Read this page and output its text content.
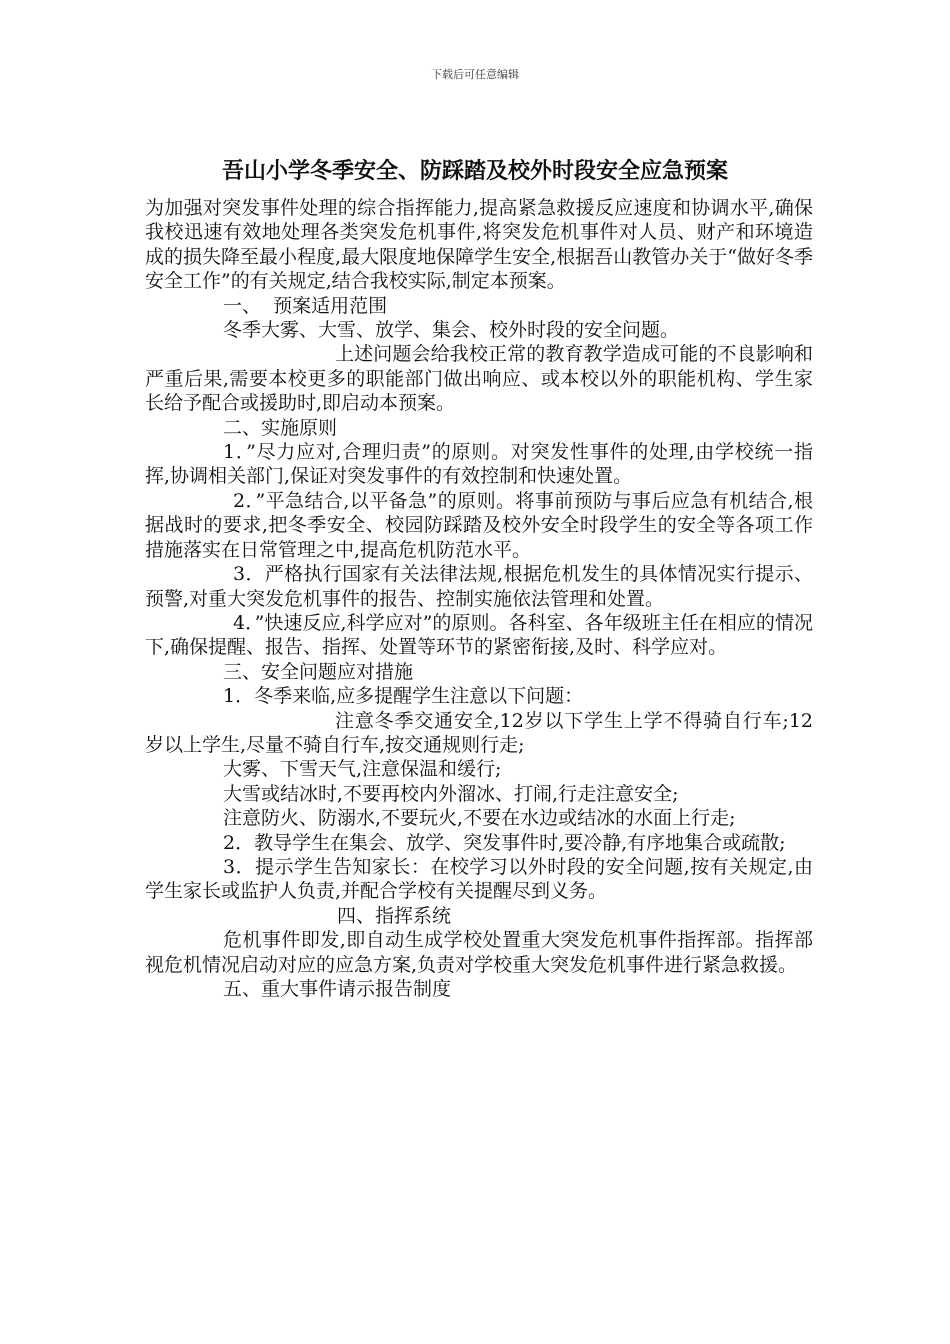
下载后可任意编辑
吾山小学冬季安全、防踩踏及校外时段安全应急预案

为加强对突发事件处理的综合指挥能力,提高紧急救援反应速度和协调水平,确保我校迅速有效地处理各类突发危机事件,将突发危机事件对人员、财产和环境造成的损失降至最小程度,最大限度地保障学生安全,根据吾山教管办关于“做好冬季安全工作”的有关规定,结合我校实际,制定本预案。

一、  预案适用范围

冬季大雾、大雪、放学、集会、校外时段的安全问题。

上述问题会给我校正常的教育教学造成可能的不良影响和严重后果,需要本校更多的职能部门做出响应、或本校以外的职能机构、学生家长给予配合或援助时,即启动本预案。

二、实施原则

1．”尽力应对,合理归责”的原则。对突发性事件的处理,由学校统一指挥,协调相关部门,保证对突发事件的有效控制和快速处置。

2．”平急结合,以平备急”的原则。将事前预防与事后应急有机结合,根据战时的要求,把冬季安全、校园防踩踏及校外安全时段学生的安全等各项工作措施落实在日常管理之中,提高危机防范水平。

3．严格执行国家有关法律法规,根据危机发生的具体情况实行提示、预警,对重大突发危机事件的报告、控制实施依法管理和处置。

4．”快速反应,科学应对”的原则。各科室、各年级班主任在相应的情况下,确保提醒、报告、指挥、处置等环节的紧密衔接,及时、科学应对。

三、安全问题应对措施

1．冬季来临,应多提醒学生注意以下问题：

注意冬季交通安全,12岁以下学生上学不得骑自行车;12岁以上学生,尽量不骑自行车,按交通规则行走;

大雾、下雪天气,注意保温和缓行;

大雪或结冰时,不要再校内外溜冰、打闹,行走注意安全;

注意防火、防溺水,不要玩火,不要在水边或结冰的水面上行走;

2．教导学生在集会、放学、突发事件时,要冷静,有序地集合或疏散;

3．提示学生告知家长：在校学习以外时段的安全问题,按有关规定,由学生家长或监护人负责,并配合学校有关提醒尽到义务。

四、指挥系统

危机事件即发,即自动生成学校处置重大突发危机事件指挥部。指挥部视危机情况启动对应的应急方案,负责对学校重大突发危机事件进行紧急救援。

五、重大事件请示报告制度
